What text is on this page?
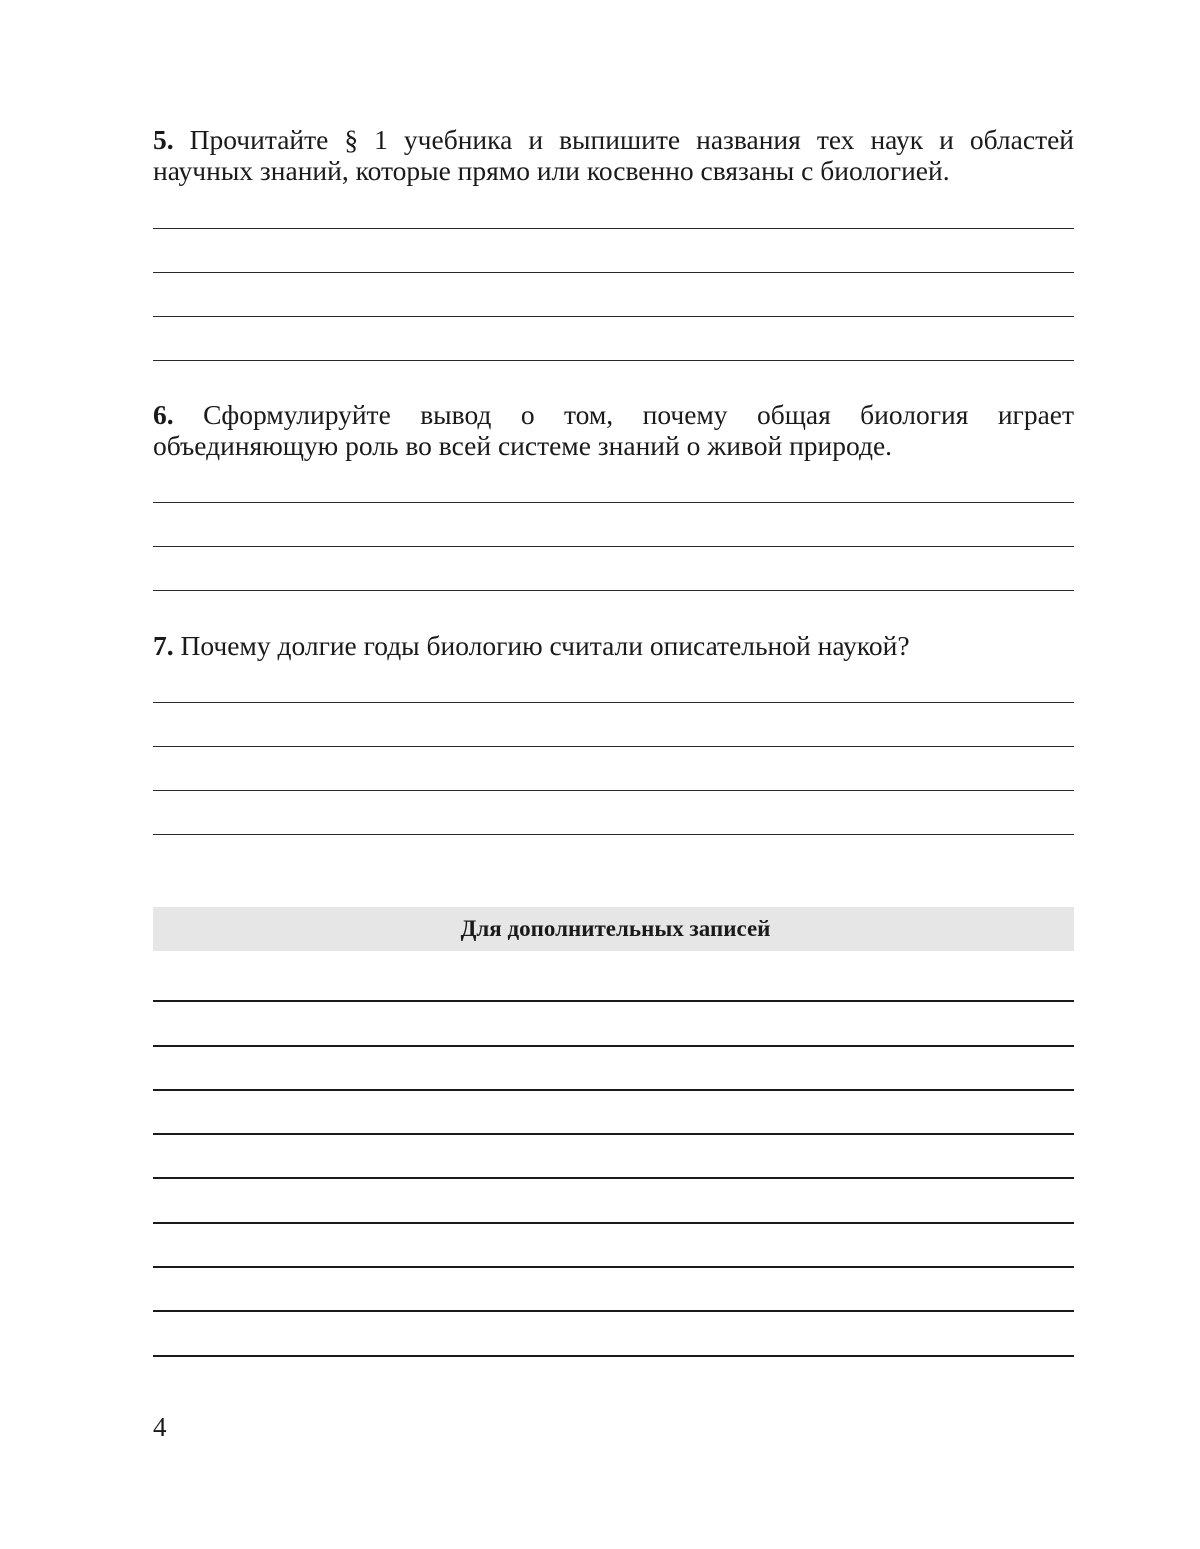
5. Прочитайте § 1 учебника и выпишите названия тех наук и областей научных знаний, которые прямо или косвенно связаны с биологией.

6. Сформулируйте вывод о том, почему общая биология играет объединяющую роль во всей системе знаний о живой природе.

7. Почему долгие годы биологию считали описательной наукой?

Для дополнительных записей
4
